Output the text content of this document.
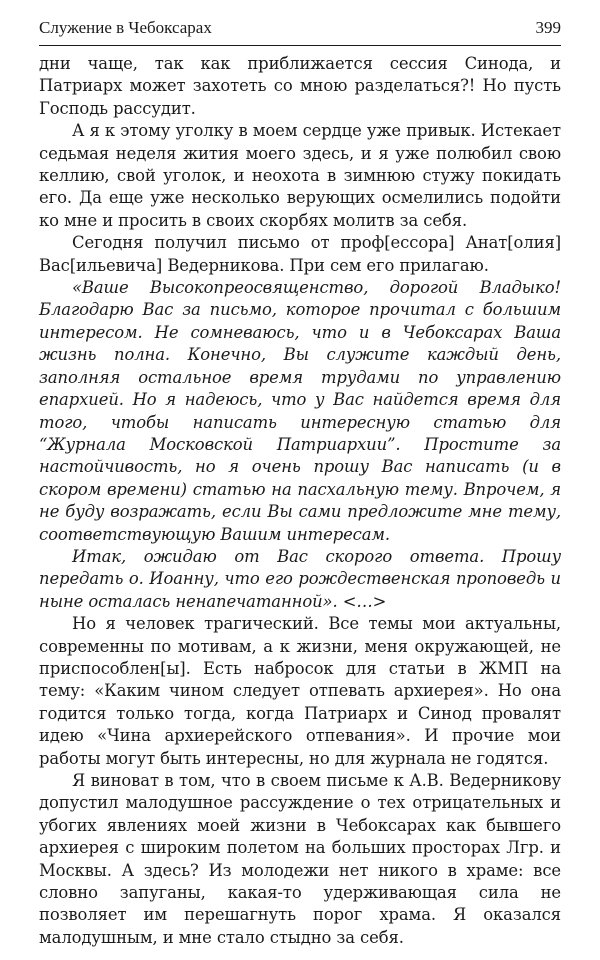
Служение в Чебоксарах	399

дни чаще, так как приближается сессия Синода, и Патриарх может захотеть со мною разделаться?! Но пусть Господь рассудит.

А я к этому уголку в моем сердце уже привык. Истекает седьмая неделя жития моего здесь, и я уже полюбил свою келлию, свой уголок, и неохота в зимнюю стужу покидать его. Да еще уже несколько верующих осмелились подойти ко мне и просить в своих скорбях молитв за себя.

Сегодня получил письмо от проф[ессора] Анат[олия] Вас[ильевича] Ведерникова. При сем его прилагаю.

«Ваше Высокопреосвященство, дорогой Владыко! Благодарю Вас за письмо, которое прочитал с большим интересом. Не сомневаюсь, что и в Чебоксарах Ваша жизнь полна. Конечно, Вы служите каждый день, заполняя остальное время трудами по управлению епархией. Но я надеюсь, что у Вас найдется время для того, чтобы написать интересную статью для “Журнала Московской Патриархии”. Простите за настойчивость, но я очень прошу Вас написать (и в скором времени) статью на пасхальную тему. Впрочем, я не буду возражать, если Вы сами предложите мне тему, соответствующую Вашим интересам.

Итак, ожидаю от Вас скорого ответа. Прошу передать о. Иоанну, что его рождественская проповедь и ныне осталась ненапечатанной». <…>

Но я человек трагический. Все темы мои актуальны, современны по мотивам, а к жизни, меня окружающей, не приспособлен[ы]. Есть набросок для статьи в ЖМП на тему: «Каким чином следует отпевать архиерея». Но она годится только тогда, когда Патриарх и Синод провалят идею «Чина архиерейского отпевания». И прочие мои работы могут быть интересны, но для журнала не годятся.

Я виноват в том, что в своем письме к А.В. Ведерникову допустил малодушное рассуждение о тех отрицательных и убогих явлениях моей жизни в Чебоксарах как бывшего архиерея с широким полетом на больших просторах Лгр. и Москвы. А здесь? Из молодежи нет никого в храме: все словно запуганы, какая-то удерживающая сила не позволяет им перешагнуть порог храма. Я оказался малодушным, и мне стало стыдно за себя.
